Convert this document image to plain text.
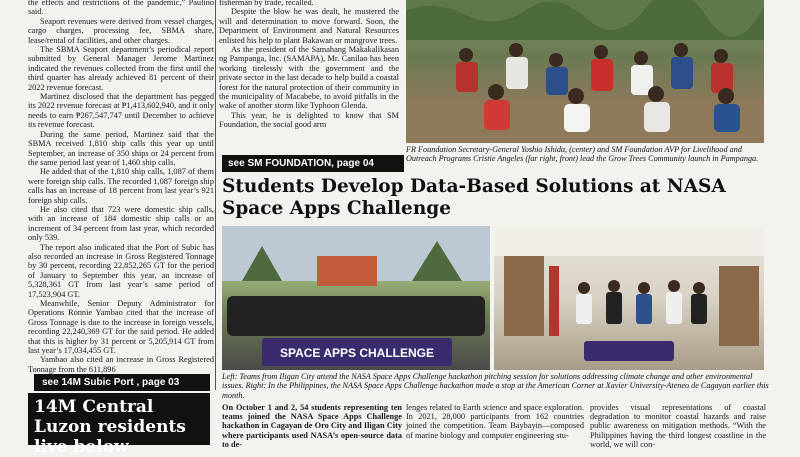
the effects and restrictions of the pandemic,” Paulino said.

Seaport revenues were derived from vessel charges, cargo charges, processing fee, SBMA share, lease/rental of facilities, and other charges.

The SBMA Seaport department’s periodical report submitted by General Manager Jerome Martinez indicated the revenues collected from the first until the third quarter has already achieved 81 percent of their 2022 revenue forecast.

Martinez disclosed that the department has pegged its 2022 revenue forecast at ₱1,413,602,940, and it only needs to earn ₱267,547,747 until December to achieve its revenue forecast.

During the same period, Martinez said that the SBMA received 1,810 ship calls this year up until September, an increase of 350 ships or 24 percent from the same period last year of 1,460 ship calls.

He added that of the 1,810 ship calls, 1,087 of them were foreign ship calls. The recorded 1,087 foreign ship calls has an increase of 18 percent from last year’s 921 foreign ship calls.

He also cited that 723 were domestic ship calls, with an increase of 184 domestic ship calls or an increment of 34 percent from last year, which recorded only 539.

The report also indicated that the Port of Subic has also recorded an increase in Gross Registered Tonnage by 30 percent, recording 22,852,265 GT for the period of January to September this year, an increase of 5,328,361 GT from last year’s same period of 17,523,904 GT.

Meanwhile, Senior Deputy Administrator for Operations Ronnie Yambao cited that the increase of Gross Tonnage is due to the increase in foreign vessels, recording 22,240,369 GT for the said period. He added that this is higher by 31 percent or 5,205,914 GT from last year’s 17,034,455 GT.

Yambao also cited an increase in Gross Registered Tonnage from the 611,896

see 14M Subic Port , page 03
14M Central Luzon residents live below

fisherman by trade, recalled.

Despite the blow he was dealt, he mustered the will and determination to move forward. Soon, the Department of Environment and Natural Resources enlisted his help to plant Bakawan or mangrove trees.

As the president of the Samahang Makakalikasan ng Pampanga, Inc. (SAMAPA), Mr. Canilao has been working tirelessly with the government and the private sector in the last decade to help build a coastal forest for the natural protection of their community in the municipality of Macabebe, to avoid pitfalls in the wake of another storm like Typhoon Glenda.

This year, he is delighted to know that SM Foundation, the social good arm

see SM FOUNDATION, page 04
FR Foundation Secretary-General Yoshio Ishida, (center) and SM Foundation AVP for Livelihood and Outreach Programs Cristie Angeles (far right, front) lead the Grow Trees Community launch in Pampanga.
Students Develop Data-Based Solutions at NASA Space Apps Challenge
SPACE APPS CHALLENGE
Left: Teams from Iligan City attend the NASA Space Apps Challenge hackathon pitching session for solutions addressing climate change and other environmental issues. Right: In the Philippines, the NASA Space Apps Challenge hackathon made a stop at the American Corner at Xavier University-Ateneo de Cagayan earlier this month.
On October 1 and 2, 54 students representing ten teams joined the NASA Space Apps Challenge hackathon in Cagayan de Oro City and Iligan City where participants used NASA’s open-source data to de-
lenges related to Earth science and space exploration. In 2021, 28,000 participants from 162 countries joined the competition. Team Baybayin—composed of marine biology and computer engineering stu-
provides visual representations of coastal degradation to monitor coastal hazards and raise public awareness on mitigation methods. “With the Philippines having the third longest coastline in the world, we will con-
